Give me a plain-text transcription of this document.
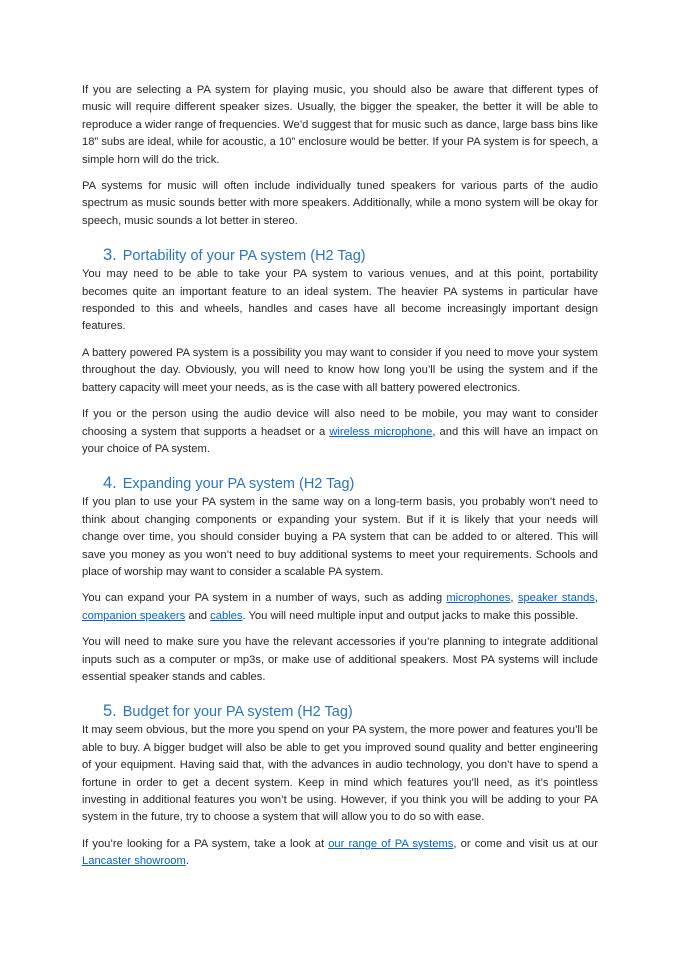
If you are selecting a PA system for playing music, you should also be aware that different types of music will require different speaker sizes. Usually, the bigger the speaker, the better it will be able to reproduce a wider range of frequencies. We’d suggest that for music such as dance, large bass bins like 18” subs are ideal, while for acoustic, a 10” enclosure would be better. If your PA system is for speech, a simple horn will do the trick.

PA systems for music will often include individually tuned speakers for various parts of the audio spectrum as music sounds better with more speakers. Additionally, while a mono system will be okay for speech, music sounds a lot better in stereo.

3. Portability of your PA system (H2 Tag)

You may need to be able to take your PA system to various venues, and at this point, portability becomes quite an important feature to an ideal system. The heavier PA systems in particular have responded to this and wheels, handles and cases have all become increasingly important design features.

A battery powered PA system is a possibility you may want to consider if you need to move your system throughout the day. Obviously, you will need to know how long you’ll be using the system and if the battery capacity will meet your needs, as is the case with all battery powered electronics.

If you or the person using the audio device will also need to be mobile, you may want to consider choosing a system that supports a headset or a wireless microphone, and this will have an impact on your choice of PA system.

4. Expanding your PA system (H2 Tag)

If you plan to use your PA system in the same way on a long-term basis, you probably won’t need to think about changing components or expanding your system. But if it is likely that your needs will change over time, you should consider buying a PA system that can be added to or altered. This will save you money as you won’t need to buy additional systems to meet your requirements. Schools and place of worship may want to consider a scalable PA system.

You can expand your PA system in a number of ways, such as adding microphones, speaker stands, companion speakers and cables. You will need multiple input and output jacks to make this possible.

You will need to make sure you have the relevant accessories if you’re planning to integrate additional inputs such as a computer or mp3s, or make use of additional speakers. Most PA systems will include essential speaker stands and cables.

5. Budget for your PA system (H2 Tag)

It may seem obvious, but the more you spend on your PA system, the more power and features you’ll be able to buy. A bigger budget will also be able to get you improved sound quality and better engineering of your equipment. Having said that, with the advances in audio technology, you don’t have to spend a fortune in order to get a decent system. Keep in mind which features you’ll need, as it’s pointless investing in additional features you won’t be using. However, if you think you will be adding to your PA system in the future, try to choose a system that will allow you to do so with ease.

If you’re looking for a PA system, take a look at our range of PA systems, or come and visit us at our Lancaster showroom.
